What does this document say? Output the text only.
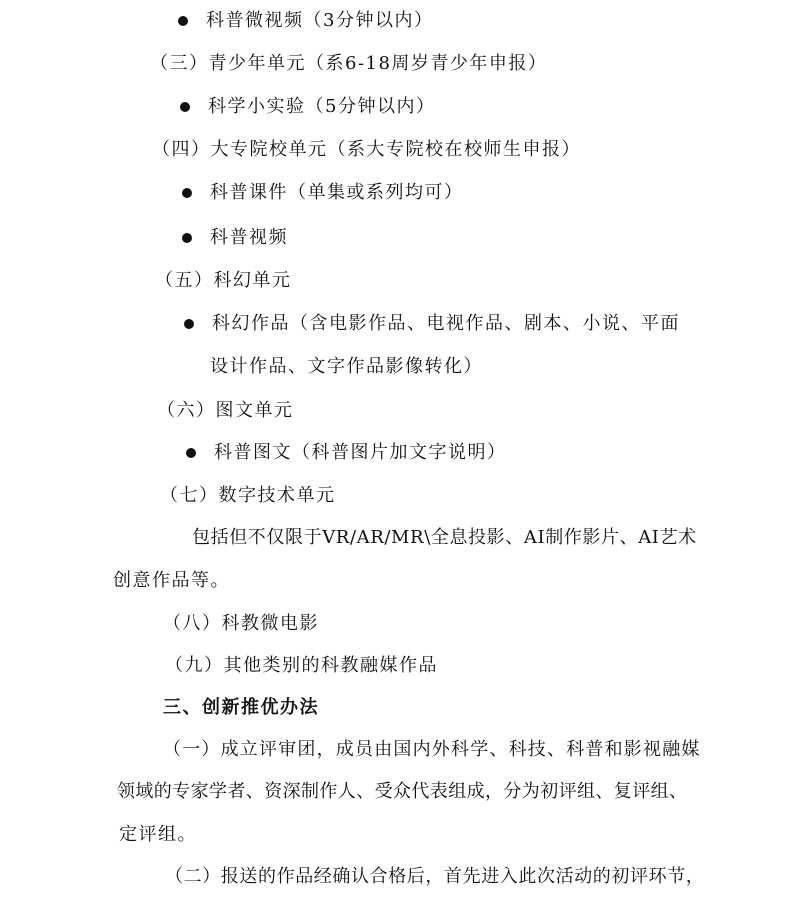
科普微视频（3分钟以内）
（三）青少年单元（系6-18周岁青少年申报）
科学小实验（5分钟以内）
（四）大专院校单元（系大专院校在校师生申报）
科普课件（单集或系列均可）
科普视频
（五）科幻单元
科幻作品（含电影作品、电视作品、剧本、小说、平面
设计作品、文字作品影像转化）
（六）图文单元
科普图文（科普图片加文字说明）
（七）数字技术单元
包括但不仅限于VR/AR/MR\全息投影、AI制作影片、AI艺术
创意作品等。
（八）科教微电影
（九）其他类别的科教融媒作品
三、创新推优办法
（一）成立评审团，成员由国内外科学、科技、科普和影视融媒
领域的专家学者、资深制作人、受众代表组成，分为初评组、复评组、
定评组。
（二）报送的作品经确认合格后，首先进入此次活动的初评环节，
